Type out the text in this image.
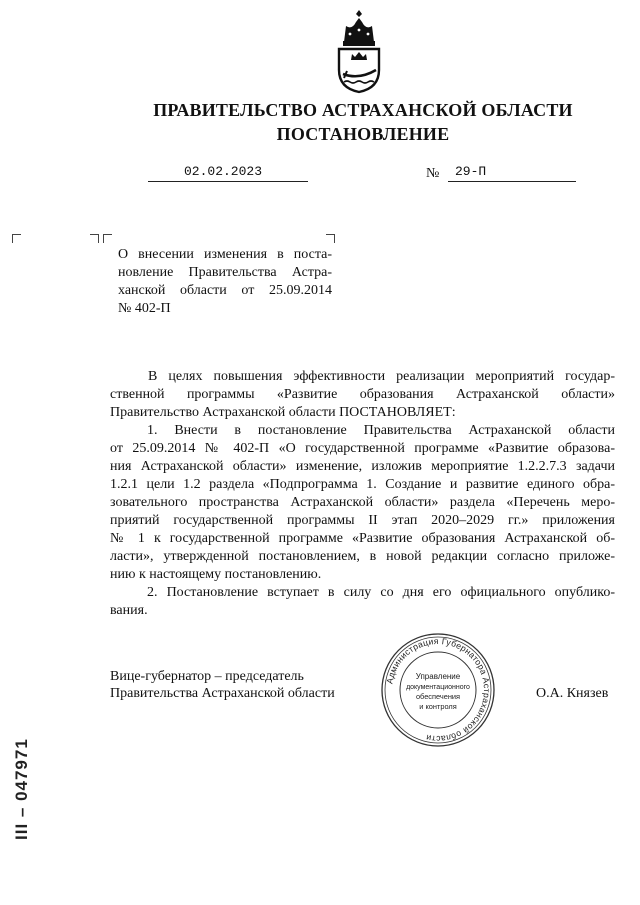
ПРАВИТЕЛЬСТВО АСТРАХАНСКОЙ ОБЛАСТИ
ПОСТАНОВЛЕНИЕ
02.02.2023	№ 29-П
О внесении изменения в поста-
новление Правительства Астра-
ханской области от 25.09.2014
№ 402-П
В целях повышения эффективности реализации мероприятий государ-
ственной программы «Развитие образования Астраханской области»
Правительство Астраханской области ПОСТАНОВЛЯЕТ:
1. Внести в постановление Правительства Астраханской области
от 25.09.2014 № 402-П «О государственной программе «Развитие образова-
ния Астраханской области» изменение, изложив мероприятие 1.2.2.7.3 задачи
1.2.1 цели 1.2 раздела «Подпрограмма 1. Создание и развитие единого обра-
зовательного пространства Астраханской области» раздела «Перечень меро-
приятий государственной программы II этап 2020–2029 гг.» приложения
№ 1 к государственной программе «Развитие образования Астраханской об-
ласти», утвержденной постановлением, в новой редакции согласно приложе-
нию к настоящему постановлению.
2. Постановление вступает в силу со дня его официального опублико-
вания.
Вице-губернатор – председатель
Правительства Астраханской области	О.А. Князев
Администрация Губернатора Астраханской области
Управление
документационного
обеспечения
и контроля
III – 047971
